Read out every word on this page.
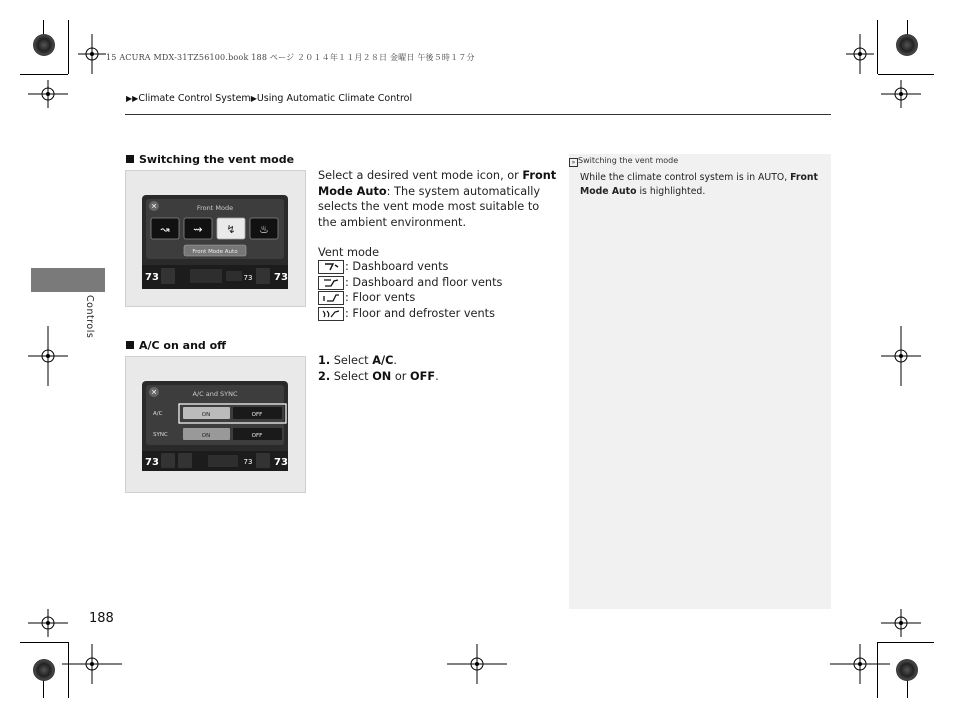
15 ACURA MDX-31TZ56100.book 188 ページ ２０１４年１１月２８日 金曜日 午後５時１７分
▶▶Climate Control System▶Using Automatic Climate Control
Controls
Switching the vent mode
Front Mode
✕
↝ ⇝ ↯ ♨
Front Mode Auto
73	73 73
Select a desired vent mode icon, or Front Mode Auto: The system automatically selects the vent mode most suitable to the ambient environment.
Vent mode
: Dashboard vents
: Dashboard and floor vents
: Floor vents
: Floor and defroster vents
A/C on and off
✕	A/C and SYNC
A/C	ON	OFF
SYNC	ON	OFF
73	73 73
1. Select A/C.
2. Select ON or OFF.
» Switching the vent mode
While the climate control system is in AUTO, Front Mode Auto is highlighted.
188
